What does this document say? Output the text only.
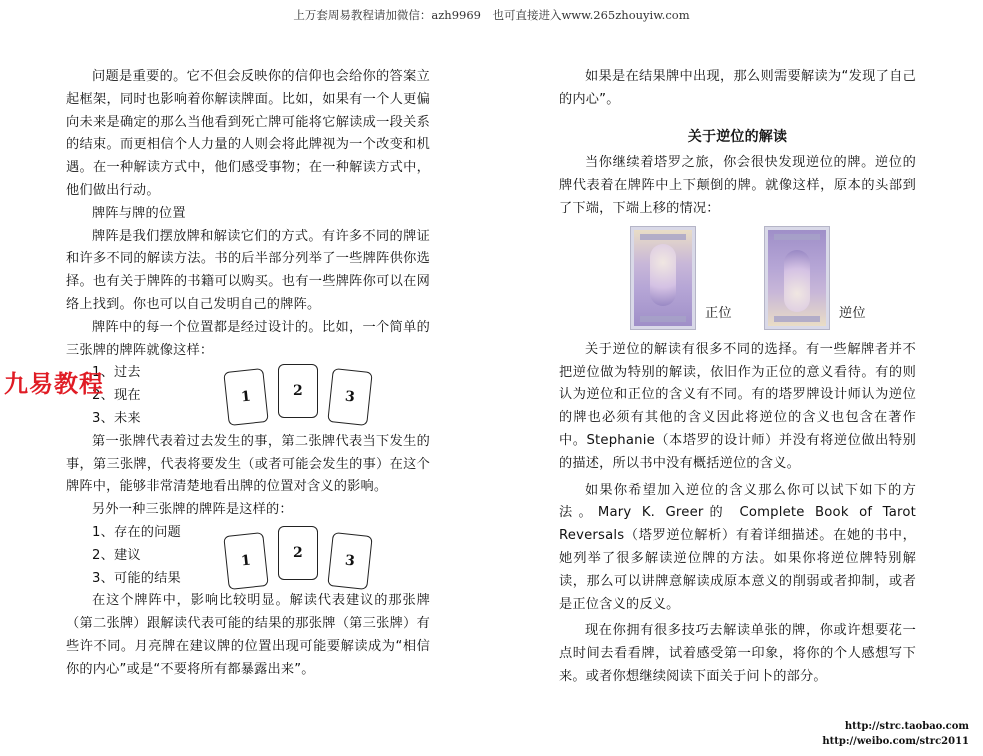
上万套周易教程请加微信：azh9969　也可直接进入www.265zhouyiw.com

问题是重要的。它不但会反映你的信仰也会给你的答案立起框架，同时也影响着你解读牌面。比如，如果有一个人更偏向未来是确定的那么当他看到死亡牌可能将它解读成一段关系的结束。而更相信个人力量的人则会将此牌视为一个改变和机遇。在一种解读方式中，他们感受事物；在一种解读方式中，他们做出行动。

牌阵与牌的位置

牌阵是我们摆放牌和解读它们的方式。有许多不同的牌证和许多不同的解读方法。书的后半部分列举了一些牌阵供你选择。也有关于牌阵的书籍可以购买。也有一些牌阵你可以在网络上找到。你也可以自己发明自己的牌阵。

牌阵中的每一个位置都是经过设计的。比如，一个简单的三张牌的牌阵就像这样：

1	2	3

1、过去

2、现在

3、未来

第一张牌代表着过去发生的事，第二张牌代表当下发生的事，第三张牌，代表将要发生（或者可能会发生的事）在这个牌阵中，能够非常清楚地看出牌的位置对含义的影响。

另外一种三张牌的牌阵是这样的：

1	2	3

1、存在的问题

2、建议

3、可能的结果

在这个牌阵中，影响比较明显。解读代表建议的那张牌（第二张牌）跟解读代表可能的结果的那张牌（第三张牌）有些许不同。月亮牌在建议牌的位置出现可能要解读成为“相信你的内心”或是“不要将所有都暴露出来”。

九易教程

如果是在结果牌中出现，那么则需要解读为“发现了自己的内心”。

关于逆位的解读

当你继续着塔罗之旅，你会很快发现逆位的牌。逆位的牌代表着在牌阵中上下颠倒的牌。就像这样，原本的头部到了下端，下端上移的情况：

正位	逆位

关于逆位的解读有很多不同的选择。有一些解牌者并不把逆位做为特别的解读，依旧作为正位的意义看待。有的则认为逆位和正位的含义有不同。有的塔罗牌设计师认为逆位的牌也必须有其他的含义因此将逆位的含义也包含在著作中。Stephanie（本塔罗的设计师）并没有将逆位做出特别的描述，所以书中没有概括逆位的含义。

如果你希望加入逆位的含义那么你可以试下如下的方法。Mary K. Greer的 Complete Book of Tarot Reversals（塔罗逆位解析）有着详细描述。在她的书中，她列举了很多解读逆位牌的方法。如果你将逆位牌特别解读，那么可以讲牌意解读成原本意义的削弱或者抑制，或者是正位含义的反义。

现在你拥有很多技巧去解读单张的牌，你或许想要花一点时间去看看牌，试着感受第一印象，将你的个人感想写下来。或者你想继续阅读下面关于问卜的部分。

http://strc.taobao.com
http://weibo.com/strc2011
